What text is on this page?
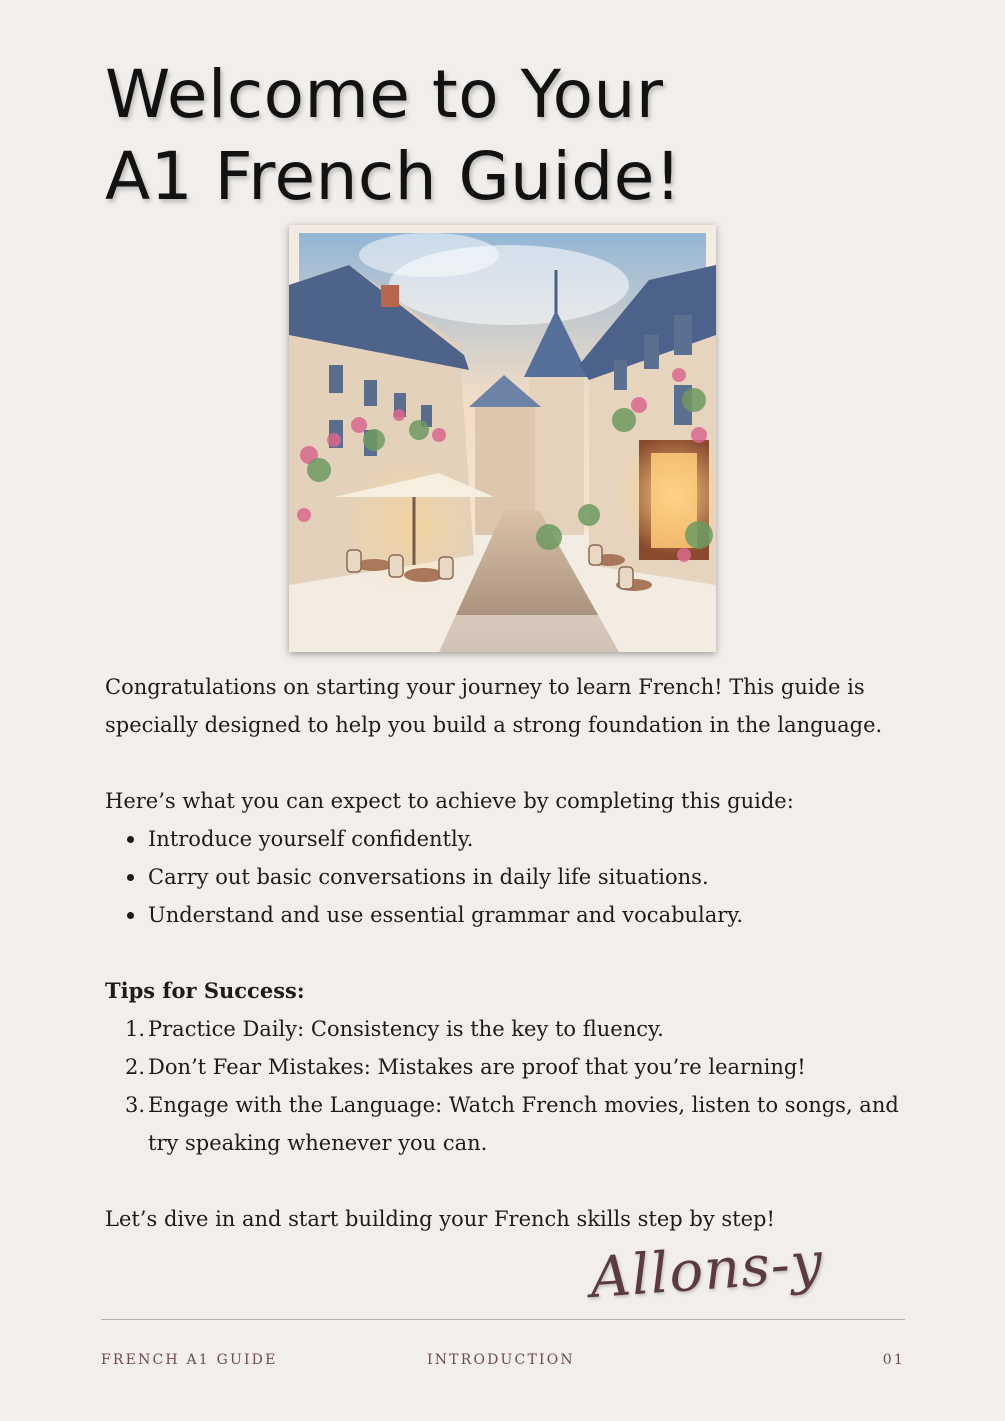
Welcome to Your
A1 French Guide!

Congratulations on starting your journey to learn French! This guide is

specially designed to help you build a strong foundation in the language.

Here’s what you can expect to achieve by completing this guide:

Introduce yourself confidently.
Carry out basic conversations in daily life situations.
Understand and use essential grammar and vocabulary.

Tips for Success:

1. Practice Daily: Consistency is the key to fluency.
2. Don’t Fear Mistakes: Mistakes are proof that you’re learning!
3. Engage with the Language: Watch French movies, listen to songs, and try speaking whenever you can.

Let’s dive in and start building your French skills step by step!

Allons-y
FRENCH A1 GUIDE	INTRODUCTION	01
